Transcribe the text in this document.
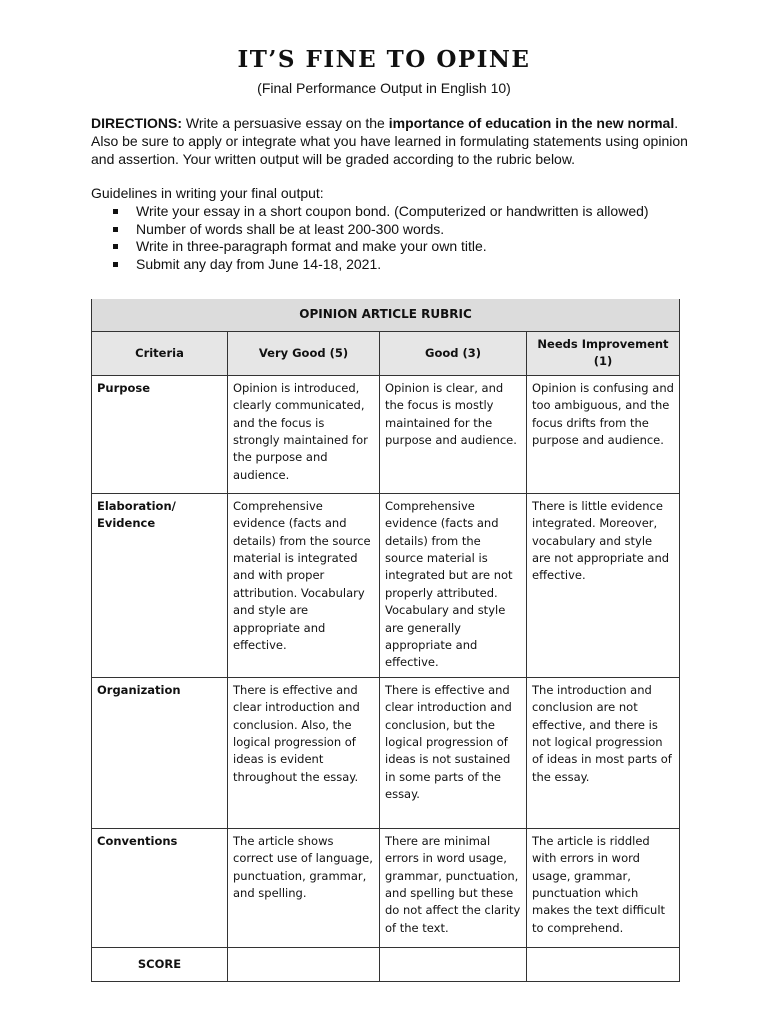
IT’S FINE TO OPINE

(Final Performance Output in English 10)

DIRECTIONS: Write a persuasive essay on the importance of education in the new normal. Also be sure to apply or integrate what you have learned in formulating statements using opinion and assertion. Your written output will be graded according to the rubric below.

Guidelines in writing your final output:

Write your essay in a short coupon bond. (Computerized or handwritten is allowed)
Number of words shall be at least 200-300 words.
Write in three-paragraph format and make your own title.
Submit any day from June 14-18, 2021.
OPINION ARTICLE RUBRIC			
Criteria	Very Good (5)	Good (3)	Needs Improvement (1)
Purpose	Opinion is introduced, clearly communicated, and the focus is strongly maintained for the purpose and audience.	Opinion is clear, and the focus is mostly maintained for the purpose and audience.	Opinion is confusing and too ambiguous, and the focus drifts from the purpose and audience.
Elaboration/ Evidence	Comprehensive evidence (facts and details) from the source material is integrated and with proper attribution. Vocabulary and style are appropriate and effective.	Comprehensive evidence (facts and details) from the source material is integrated but are not properly attributed. Vocabulary and style are generally appropriate and effective.	There is little evidence integrated. Moreover, vocabulary and style are not appropriate and effective.
Organization	There is effective and clear introduction and conclusion. Also, the logical progression of ideas is evident throughout the essay.	There is effective and clear introduction and conclusion, but the logical progression of ideas is not sustained in some parts of the essay.	The introduction and conclusion are not effective, and there is not logical progression of ideas in most parts of the essay.
Conventions	The article shows correct use of language, punctuation, grammar, and spelling.	There are minimal errors in word usage, grammar, punctuation, and spelling but these do not affect the clarity of the text.	The article is riddled with errors in word usage, grammar, punctuation which makes the text difficult to comprehend.
SCORE			
